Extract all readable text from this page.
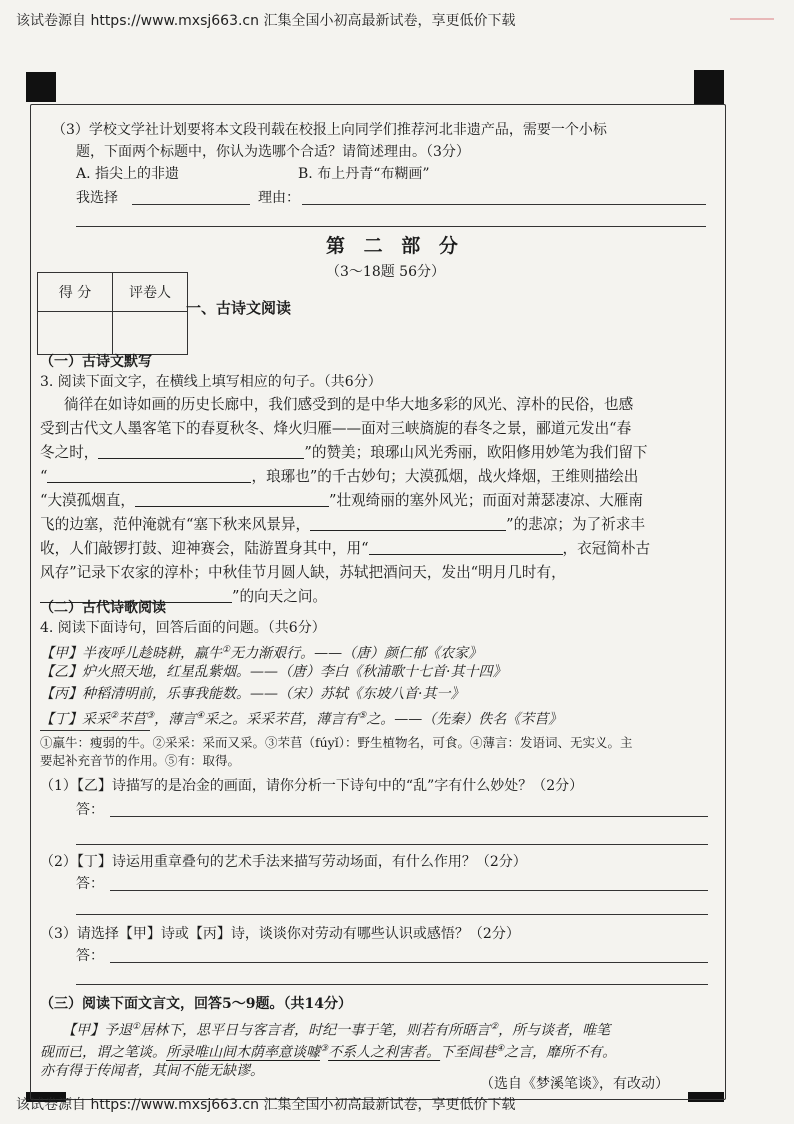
该试卷源自 https://www.mxsj663.cn 汇集全国小初高最新试卷，享更低价下载
（3）学校文学社计划要将本文段刊载在校报上向同学们推荐河北非遗产品，需要一个小标
题，下面两个标题中，你认为选哪个合适？请简述理由。（3分）
A. 指尖上的非遗	B. 布上丹青“布糊画”
我选择	理由：
第 二 部 分
（3～18题 56分）
得 分	评卷人

一、古诗文阅读
（一）古诗文默写
3. 阅读下面文字，在横线上填写相应的句子。（共6分）
徜徉在如诗如画的历史长廊中，我们感受到的是中华大地多彩的风光、淳朴的民俗，也感
受到古代文人墨客笔下的春夏秋冬、烽火归雁——面对三峡旖旎的春冬之景，郦道元发出“春
冬之时，	”的赞美；琅琊山风光秀丽，欧阳修用妙笔为我们留下
“	，琅琊也”的千古妙句；大漠孤烟，战火烽烟，王维则描绘出
“大漠孤烟直，	”壮观绮丽的塞外风光；而面对萧瑟凄凉、大雁南
飞的边塞，范仲淹就有“塞下秋来风景异，	”的悲凉；为了祈求丰
收，人们敲锣打鼓、迎神赛会，陆游置身其中，用“	，衣冠简朴古
风存”记录下农家的淳朴；中秋佳节月圆人缺，苏轼把酒问天，发出“明月几时有，
”的向天之问。
（二）古代诗歌阅读
4. 阅读下面诗句，回答后面的问题。（共6分）
【甲】半夜呼儿趁晓耕，羸牛①无力渐艰行。——（唐）颜仁郁《农家》
【乙】炉火照天地，红星乱紫烟。——（唐）李白《秋浦歌十七首·其十四》
【丙】种稻清明前，乐事我能数。——（宋）苏轼《东坡八首·其一》
【丁】采采②芣苢③，薄言④采之。采采芣苢，薄言有⑤之。——（先秦）佚名《芣苢》
①羸牛：瘦弱的牛。②采采：采而又采。③芣苢（fúyǐ）：野生植物名，可食。④薄言：发语词、无实义。主
要起补充音节的作用。⑤有：取得。
（1）【乙】诗描写的是冶金的画面，请你分析一下诗句中的“乱”字有什么妙处？（2分）
答：
（2）【丁】诗运用重章叠句的艺术手法来描写劳动场面，有什么作用？（2分）
答：
（3）请选择【甲】诗或【丙】诗，谈谈你对劳动有哪些认识或感悟？（2分）
答：
（三）阅读下面文言文，回答5～9题。（共14分）
【甲】予退①居林下，思平日与客言者，时纪一事于笔，则若有所晤言②，所与谈者，唯笔
砚而已，谓之笔谈。所录唯山间木荫率意谈噱③不系人之利害者。下至闾巷④之言，靡所不有。
亦有得于传闻者，其间不能无缺谬。
（选自《梦溪笔谈》，有改动）
该试卷源自 https://www.mxsj663.cn 汇集全国小初高最新试卷，享更低价下载
